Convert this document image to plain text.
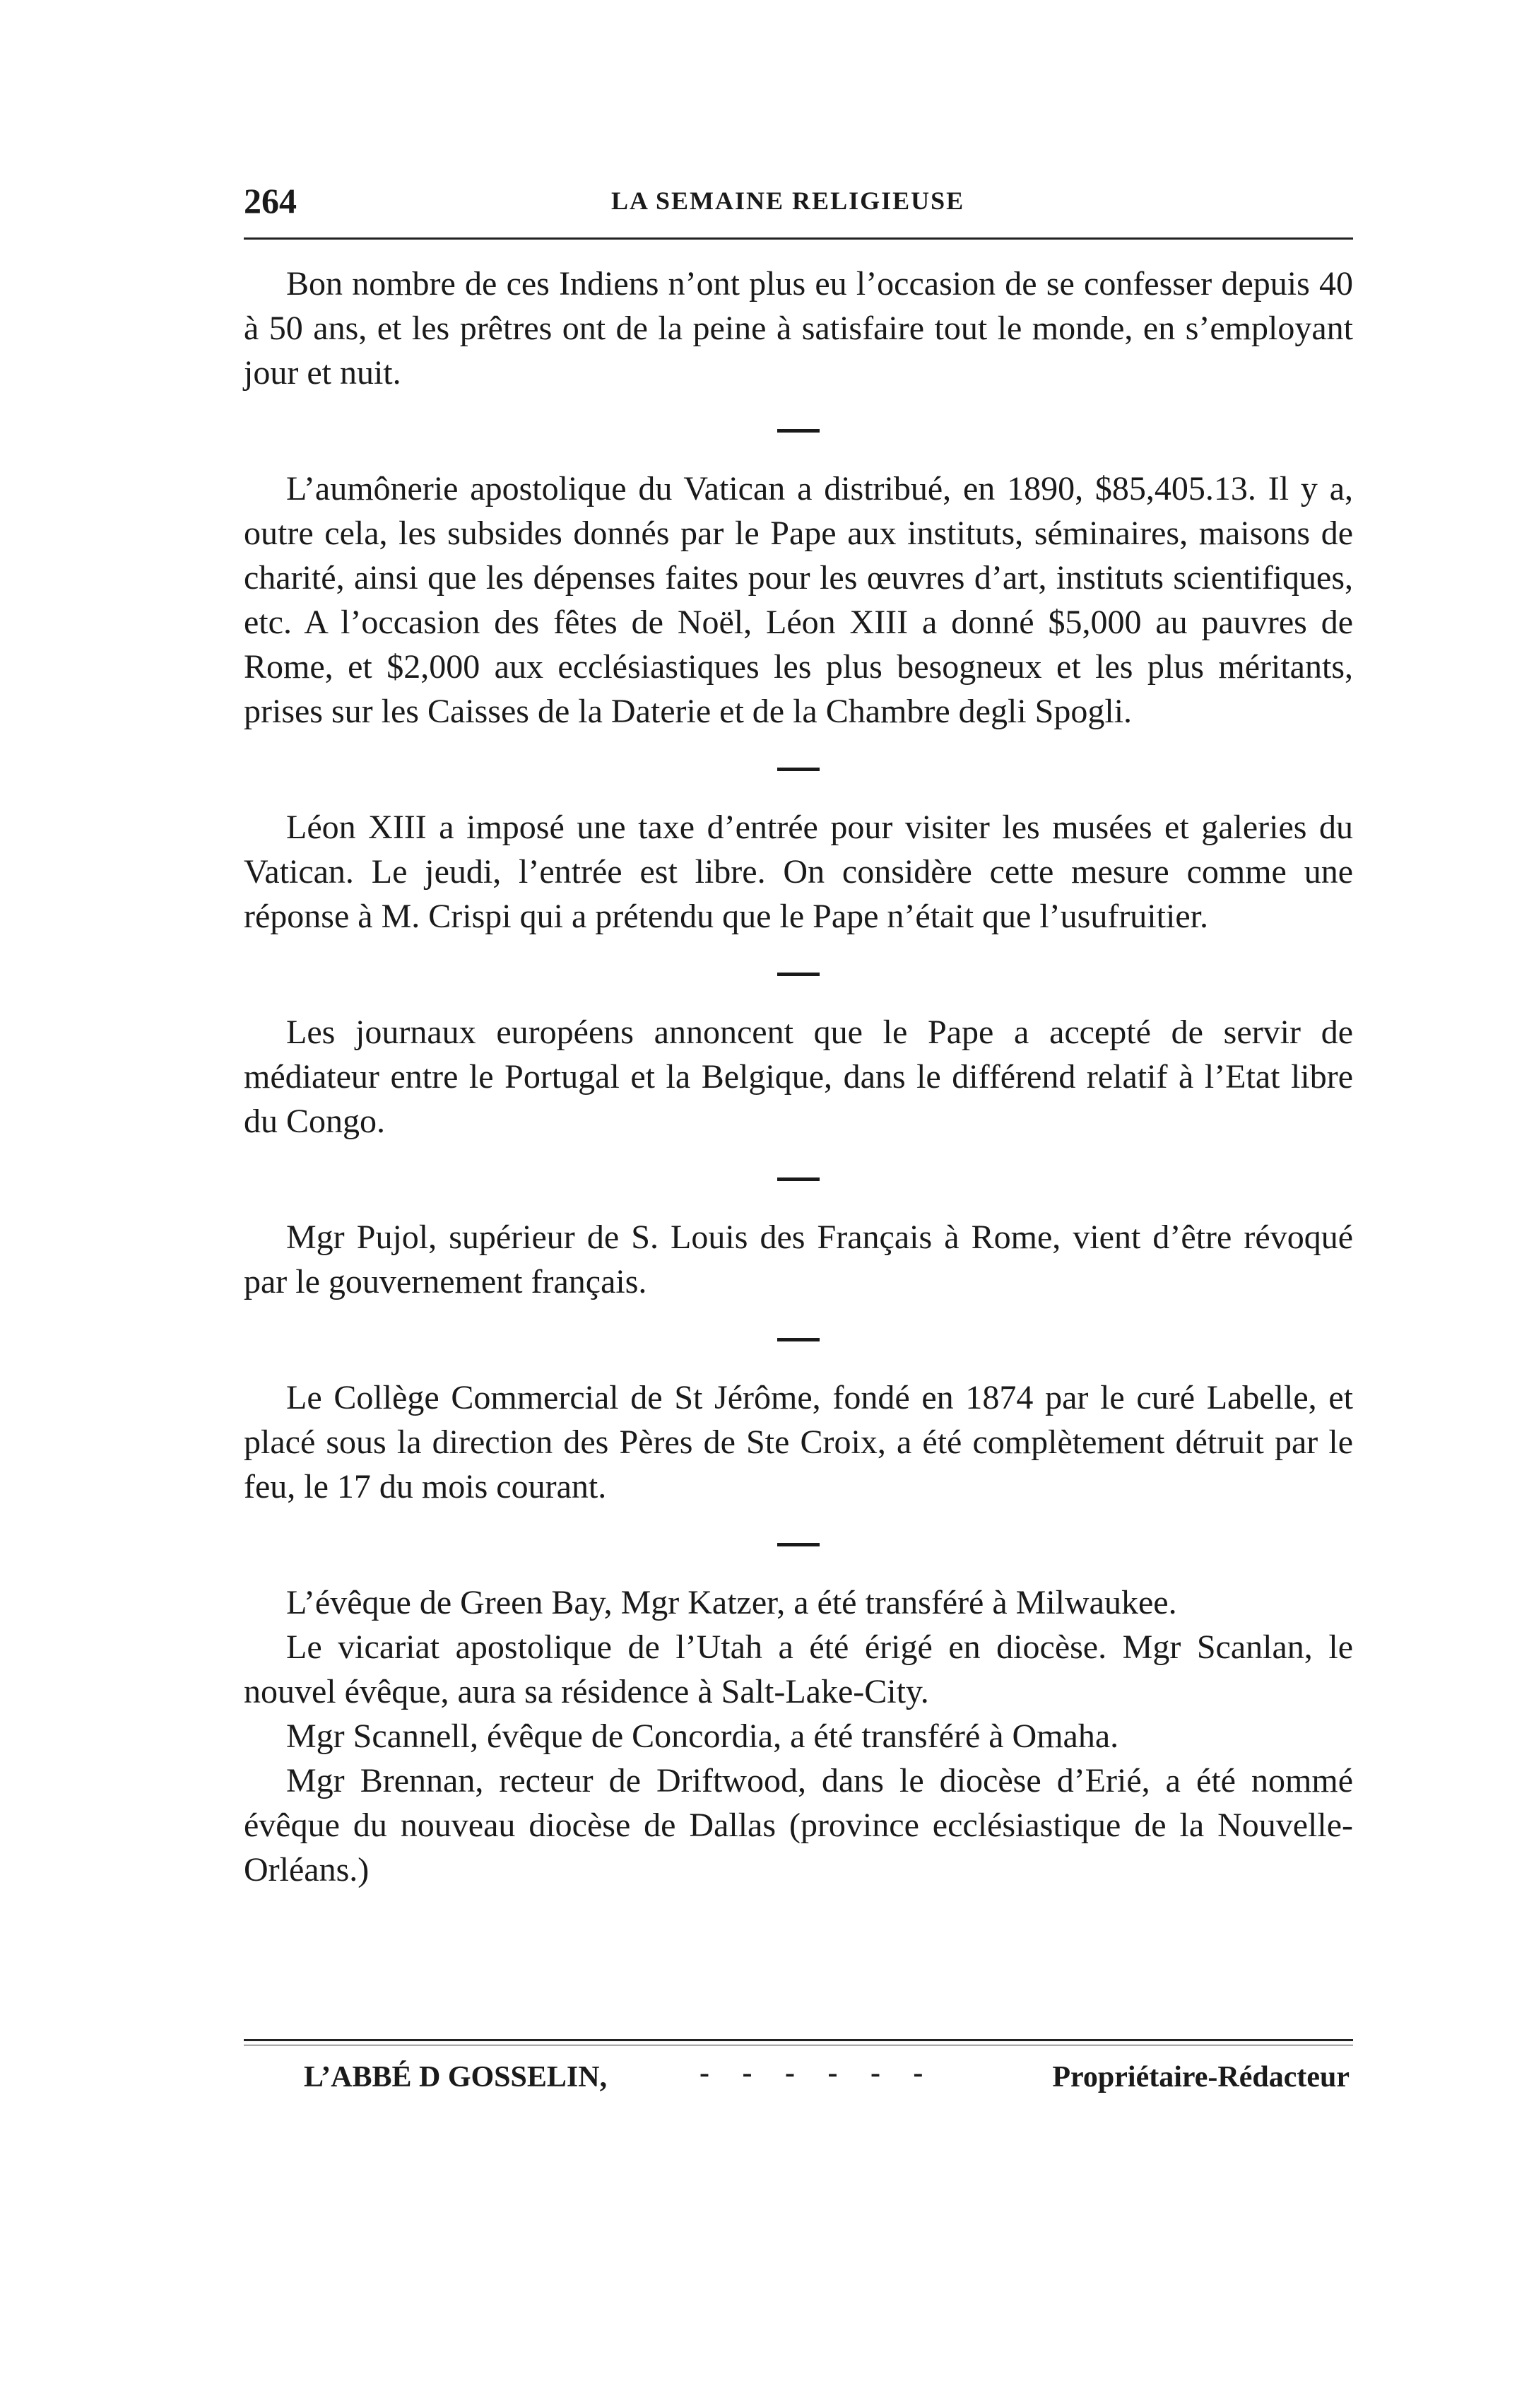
264	LA SEMAINE RELIGIEUSE

Bon nombre de ces Indiens n’ont plus eu l’occasion de se confesser depuis 40 à 50 ans, et les prêtres ont de la peine à satisfaire tout le monde, en s’employant jour et nuit.

L’aumônerie apostolique du Vatican a distribué, en 1890, $85,405.13. Il y a, outre cela, les subsides donnés par le Pape aux instituts, séminaires, maisons de charité, ainsi que les dépenses faites pour les œuvres d’art, instituts scientifiques, etc. A l’occasion des fêtes de Noël, Léon XIII a donné $5,000 au pauvres de Rome, et $2,000 aux ecclésiastiques les plus besogneux et les plus méritants, prises sur les Caisses de la Daterie et de la Chambre degli Spogli.

Léon XIII a imposé une taxe d’entrée pour visiter les musées et galeries du Vatican. Le jeudi, l’entrée est libre. On considère cette mesure comme une réponse à M. Crispi qui a prétendu que le Pape n’était que l’usufruitier.

Les journaux européens annoncent que le Pape a accepté de servir de médiateur entre le Portugal et la Belgique, dans le différend relatif à l’Etat libre du Congo.

Mgr Pujol, supérieur de S. Louis des Français à Rome, vient d’être révoqué par le gouvernement français.

Le Collège Commercial de St Jérôme, fondé en 1874 par le curé Labelle, et placé sous la direction des Pères de Ste Croix, a été complètement détruit par le feu, le 17 du mois courant.

L’évêque de Green Bay, Mgr Katzer, a été transféré à Milwaukee.

Le vicariat apostolique de l’Utah a été érigé en diocèse. Mgr Scanlan, le nouvel évêque, aura sa résidence à Salt-Lake-City.

Mgr Scannell, évêque de Concordia, a été transféré à Omaha.

Mgr Brennan, recteur de Driftwood, dans le diocèse d’Erié, a été nommé évêque du nouveau diocèse de Dallas (province ecclésiastique de la Nouvelle-Orléans.)

L’ABBÉ D GOSSELIN,	- - - - - -	Propriétaire-Rédacteur
